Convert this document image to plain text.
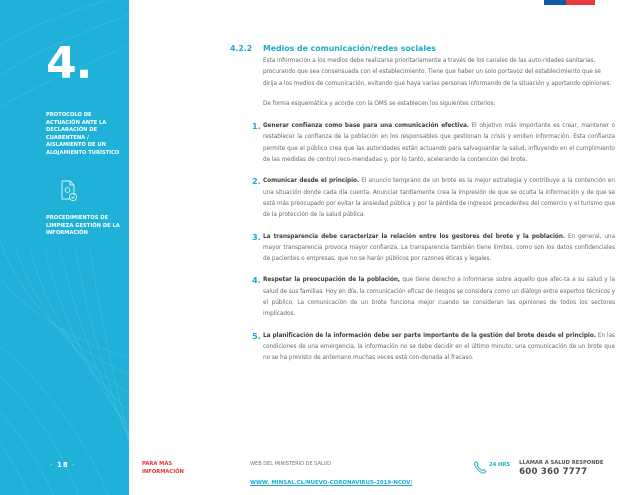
4.
PROTOCOLO DE ACTUACIÓN ANTE LA DECLARACIÓN DE CUARENTENA / AISLAMIENTO DE UN ALOJAMIENTO TURÍSTICO
PROCEDIMIENTOS DE LIMPIEZA GESTIÓN DE LA INFORMACIÓN
- 18 -
4.2.2	Medios de comunicación/redes sociales

Esta información a los medios debe realizarse prioritariamente a través de los canales de las auto-ridades sanitarias, procurando que sea consensuada con el establecimiento. Tiene que haber un solo portavoz del establecimiento que se dirija a los medios de comunicación, evitando que haya varias personas informando de la situación y aportando opiniones.

De forma esquemática y acorde con la OMS se establecen los siguientes criterios:

1. Generar confianza como base para una comunicación efectiva. El objetivo más importante es crear, mantener o restablecer la confianza de la población en los responsables que gestionan la crisis y emiten información. Esta confianza permite que el público crea que las autoridades están actuando para salvaguardar la salud, influyendo en el cumplimiento de las medidas de control reco-mendadas y, por lo tanto, acelerando la contención del brote.

2. Comunicar desde el principio. El anuncio temprano de un brote es la mejor estrategia y contribuye a la contención en una situación donde cada día cuenta. Anunciar tardíamente crea la impresión de que se oculta la información y de que se está más preocupado por evitar la ansiedad pública y por la pérdida de ingresos procedentes del comercio y el turismo que de la protección de la salud pública.

3. La transparencia debe caracterizar la relación entre los gestores del brote y la población. En general, una mayor transparencia provoca mayor confianza. La transparencia también tiene límites, como son los datos confidenciales de pacientes o empresas, que no se harán públicos por razones éticas y legales.

4. Respetar la preocupación de la población, que tiene derecho a informarse sobre aquello que afec-ta a su salud y la salud de sus familias. Hoy en día, la comunicación eficaz de riesgos se considera como un diálogo entre expertos técnicos y el público. La comunicación de un brote funciona mejor cuando se consideran las opiniones de todos los sectores implicados.

5. La planificación de la información debe ser parte importante de la gestión del brote desde el principio. En las condiciones de una emergencia, la información no se debe decidir en el último minuto; una comunicación de un brote que no se ha previsto de antemano muchas veces está con-denada al fracaso.

PARA MÁS
INFORMACIÓN
WEB DEL MINISTERIO DE SALUD
WWW. MINSAL.CL/NUEVO-CORONAVIRUS-2019-NCOV/
24 HRS LLAMAR A SALUD RESPONDE
600 360 7777
